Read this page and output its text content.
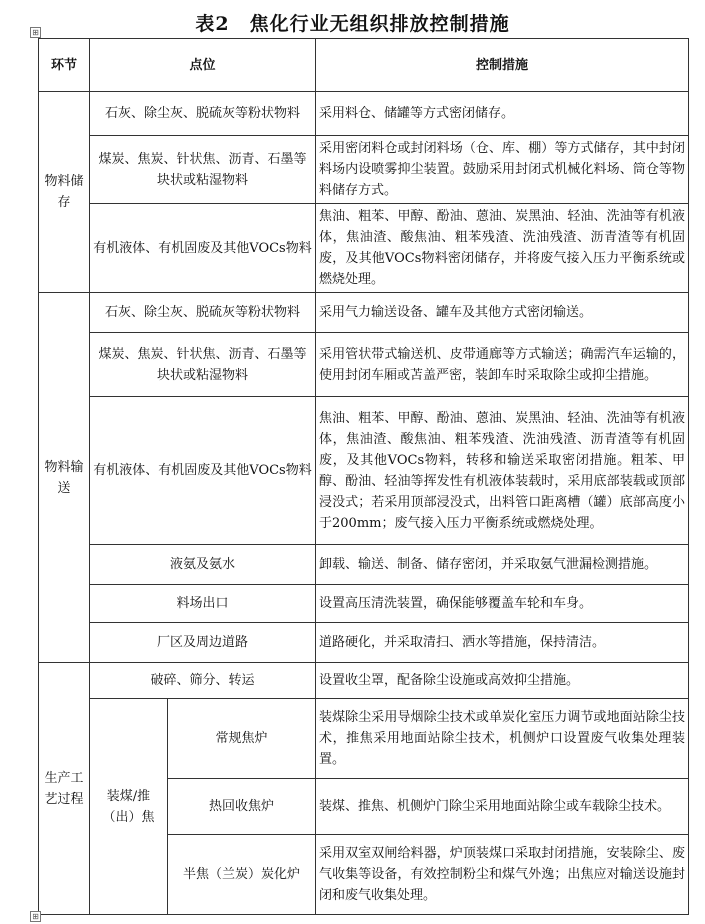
表2　焦化行业无组织排放控制措施
⊞
环节	点位		控制措施
物料储存	石灰、除尘灰、脱硫灰等粉状物料		采用料仓、储罐等方式密闭储存。
	煤炭、焦炭、针状焦、沥青、石墨等块状或粘湿物料		采用密闭料仓或封闭料场（仓、库、棚）等方式储存，其中封闭料场内设喷雾抑尘装置。鼓励采用封闭式机械化料场、筒仓等物料储存方式。
	有机液体、有机固废及其他VOCs物料		焦油、粗苯、甲醇、酚油、蒽油、炭黑油、轻油、洗油等有机液体，焦油渣、酸焦油、粗苯残渣、洗油残渣、沥青渣等有机固废，及其他VOCs物料密闭储存，并将废气接入压力平衡系统或燃烧处理。
物料输送	石灰、除尘灰、脱硫灰等粉状物料		采用气力输送设备、罐车及其他方式密闭输送。
	煤炭、焦炭、针状焦、沥青、石墨等块状或粘湿物料		采用管状带式输送机、皮带通廊等方式输送；确需汽车运输的，使用封闭车厢或苫盖严密，装卸车时采取除尘或抑尘措施。
	有机液体、有机固废及其他VOCs物料		焦油、粗苯、甲醇、酚油、蒽油、炭黑油、轻油、洗油等有机液体，焦油渣、酸焦油、粗苯残渣、洗油残渣、沥青渣等有机固废，及其他VOCs物料，转移和输送采取密闭措施。粗苯、甲醇、酚油、轻油等挥发性有机液体装载时，采用底部装载或顶部浸没式；若采用顶部浸没式，出料管口距离槽（罐）底部高度小于200mm；废气接入压力平衡系统或燃烧处理。
	液氨及氨水		卸载、输送、制备、储存密闭，并采取氨气泄漏检测措施。
	料场出口		设置高压清洗装置，确保能够覆盖车轮和车身。
	厂区及周边道路		道路硬化，并采取清扫、洒水等措施，保持清洁。
生产工艺过程	破碎、筛分、转运		设置收尘罩，配备除尘设施或高效抑尘措施。
	装煤/推（出）焦	常规焦炉	装煤除尘采用导烟除尘技术或单炭化室压力调节或地面站除尘技术，推焦采用地面站除尘技术，机侧炉口设置废气收集处理装置。
		热回收焦炉	装煤、推焦、机侧炉门除尘采用地面站除尘或车载除尘技术。
		半焦（兰炭）炭化炉	采用双室双闸给料器，炉顶装煤口采取封闭措施，安装除尘、废气收集等设备，有效控制粉尘和煤气外逸；出焦应对输送设施封闭和废气收集处理。
⊞
